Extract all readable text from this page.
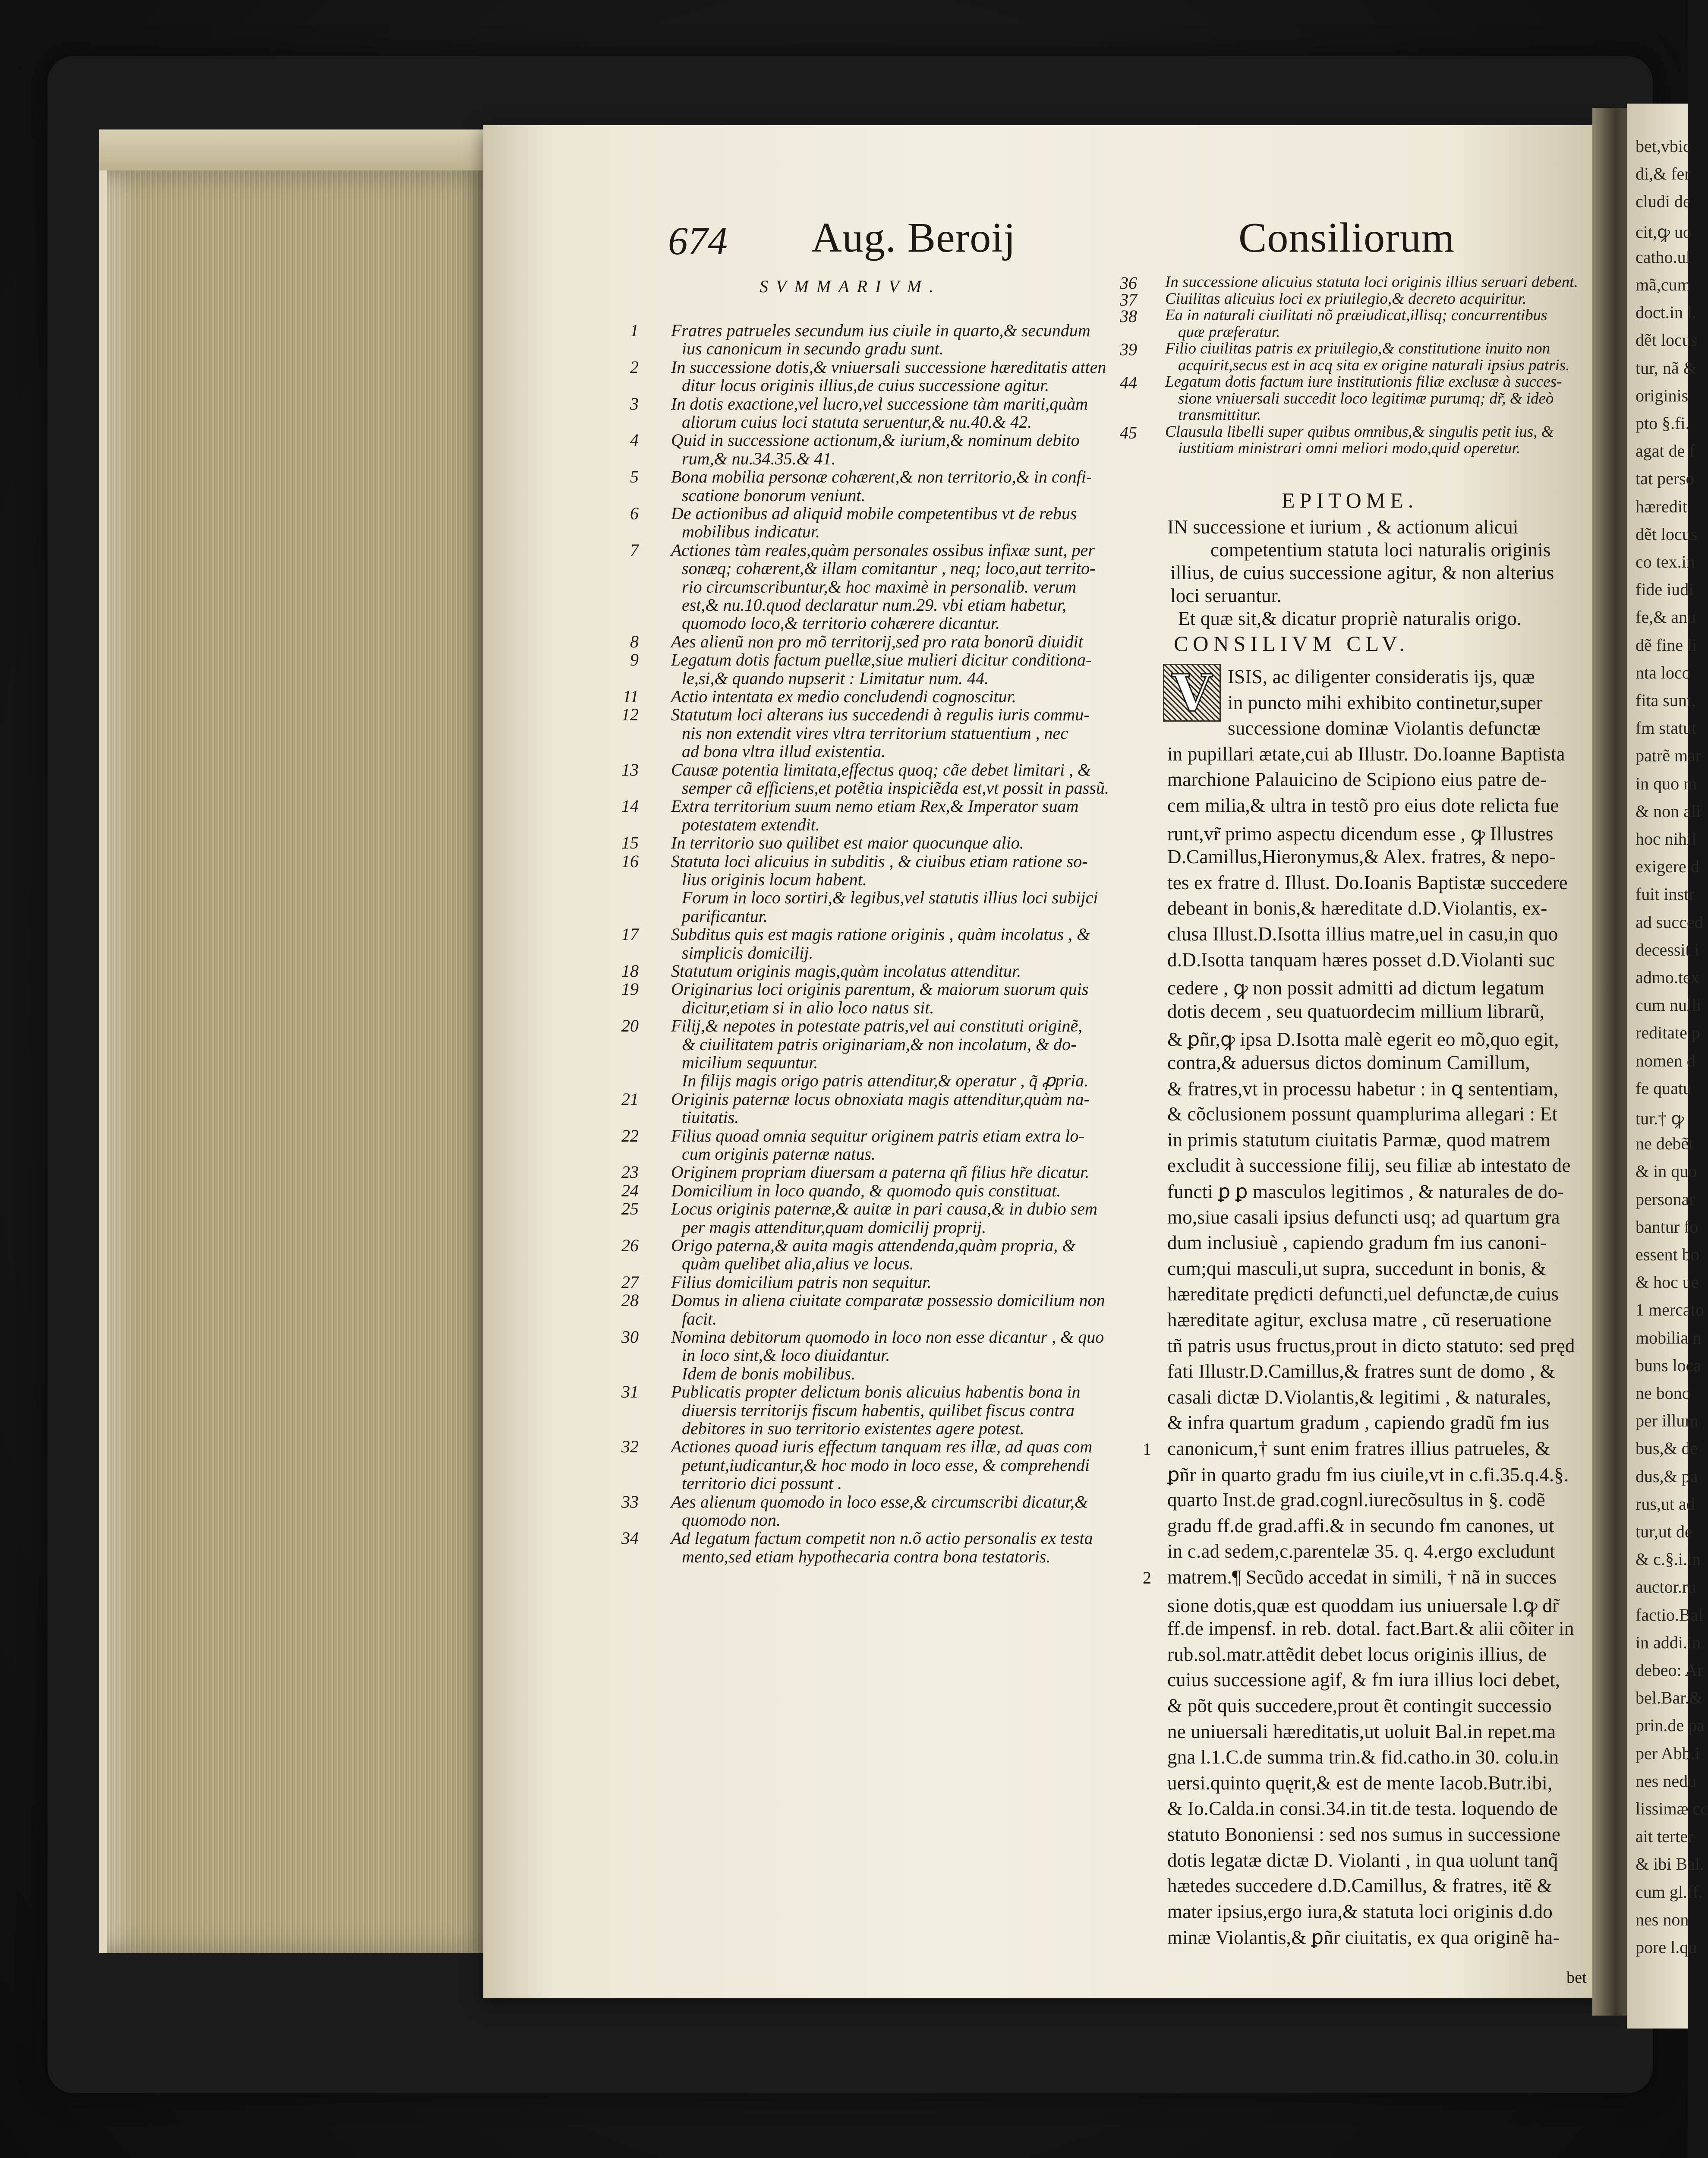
674 Aug. Beroij	Consiliorum
SVMMARIVM.
1 Fratres patrueles secundum ius ciuile in quarto,& secundum
ius canonicum in secundo gradu sunt.
2 In successione dotis,& vniuersali successione hæreditatis atten
ditur locus originis illius,de cuius successione agitur.
3 In dotis exactione,vel lucro,vel successione tàm mariti,quàm
aliorum cuius loci statuta seruentur,& nu.40.& 42.
4 Quid in successione actionum,& iurium,& nominum debito
rum,& nu.34.35.& 41.
5 Bona mobilia personæ cohærent,& non territorio,& in confi-
scatione bonorum veniunt.
6 De actionibus ad aliquid mobile competentibus vt de rebus
mobilibus indicatur.
7 Actiones tàm reales,quàm personales ossibus infixæ sunt, per
sonæq; cohærent,& illam comitantur , neq; loco,aut territo-
rio circumscribuntur,& hoc maximè in personalib. verum
est,& nu.10.quod declaratur num.29. vbi etiam habetur,
quomodo loco,& territorio cohærere dicantur.
8 Aes alienũ non pro mõ territorij,sed pro rata bonorũ diuidit
9 Legatum dotis factum puellæ,siue mulieri dicitur conditiona-
le,si,& quando nupserit : Limitatur num. 44.
11 Actio intentata ex medio concludendi cognoscitur.
12 Statutum loci alterans ius succedendi à regulis iuris commu-
nis non extendit vires vltra territorium statuentium , nec
ad bona vltra illud existentia.
13 Causæ potentia limitata,effectus quoq; cãe debet limitari , &
semper cã efficiens,et potẽtia inspiciẽda est,vt possit in passũ.
14 Extra territorium suum nemo etiam Rex,& Imperator suam
potestatem extendit.
15 In territorio suo quilibet est maior quocunque alio.
16 Statuta loci alicuius in subditis , & ciuibus etiam ratione so-
lius originis locum habent.
Forum in loco sortiri,& legibus,vel statutis illius loci subijci
parificantur.
17 Subditus quis est magis ratione originis , quàm incolatus , &
simplicis domicilij.
18 Statutum originis magis,quàm incolatus attenditur.
19 Originarius loci originis parentum, & maiorum suorum quis
dicitur,etiam si in alio loco natus sit.
20 Filij,& nepotes in potestate patris,vel aui constituti originẽ,
& ciuilitatem patris originariam,& non incolatum, & do-
micilium sequuntur.
In filijs magis origo patris attenditur,& operatur , q̃ ꝓpria.
21 Originis paternæ locus obnoxiata magis attenditur,quàm na-
tiuitatis.
22 Filius quoad omnia sequitur originem patris etiam extra lo-
cum originis paternæ natus.
23 Originem propriam diuersam a paterna qñ filius hr̃e dicatur.
24 Domicilium in loco quando, & quomodo quis constituat.
25 Locus originis paternæ,& auitæ in pari causa,& in dubio sem
per magis attenditur,quam domicilij proprij.
26 Origo paterna,& auita magis attendenda,quàm propria, &
quàm quelibet alia,alius ve locus.
27 Filius domicilium patris non sequitur.
28 Domus in aliena ciuitate comparatæ possessio domicilium non
facit.
30 Nomina debitorum quomodo in loco non esse dicantur , & quo
in loco sint,& loco diuidantur.
Idem de bonis mobilibus.
31 Publicatis propter delictum bonis alicuius habentis bona in
diuersis territorijs fiscum habentis, quilibet fiscus contra
debitores in suo territorio existentes agere potest.
32 Actiones quoad iuris effectum tanquam res illæ, ad quas com
petunt,iudicantur,& hoc modo in loco esse, & comprehendi
territorio dici possunt .
33 Aes alienum quomodo in loco esse,& circumscribi dicatur,&
quomodo non.
34 Ad legatum factum competit non n.õ actio personalis ex testa
mento,sed etiam hypothecaria contra bona testatoris.
36 In successione alicuius statuta loci originis illius seruari debent.
37 Ciuilitas alicuius loci ex priuilegio,& decreto acquiritur.
38 Ea in naturali ciuilitati nõ præiudicat,illisq; concurrentibus
quæ præferatur.
39 Filio ciuilitas patris ex priuilegio,& constitutione inuito non
acquirit,secus est in acq sita ex origine naturali ipsius patris.
44 Legatum dotis factum iure institutionis filiæ exclusæ à succes-
sione vniuersali succedit loco legitimæ purumq; dr̃, & ideò
transmittitur.
45 Clausula libelli super quibus omnibus,& singulis petit ius, &
iustitiam ministrari omni meliori modo,quid operetur.
EPITOME.
IN successione et iurium , & actionum alicui
competentium statuta loci naturalis originis
illius, de cuius successione agitur, & non alterius
loci seruantur.
Et quæ sit,& dicatur propriè naturalis origo.
CONSILIVM CLV.
V ISIS, ac diligenter consideratis ijs, quæ
in puncto mihi exhibito continetur,super
successione dominæ Violantis defunctæ
in pupillari ætate,cui ab Illustr. Do.Ioanne Baptista
marchione Palauicino de Scipiono eius patre de-
cem milia,& ultra in testõ pro eius dote relicta fue
runt,vr̃ primo aspectu dicendum esse , ꝙ Illustres
D.Camillus,Hieronymus,& Alex. fratres, & nepo-
tes ex fratre d. Illust. Do.Ioanis Baptistæ succedere
debeant in bonis,& hæreditate d.D.Violantis, ex-
clusa Illust.D.Isotta illius matre,uel in casu,in quo
d.D.Isotta tanquam hæres posset d.D.Violanti suc
cedere , ꝙ non possit admitti ad dictum legatum
dotis decem , seu quatuordecim millium librarũ,
& ꝑñr,ꝙ ipsa D.Isotta malè egerit eo mõ,quo egit,
contra,& aduersus dictos dominum Camillum,
& fratres,vt in processu habetur : in ꝗ sententiam,
& cõclusionem possunt quamplurima allegari : Et
in primis statutum ciuitatis Parmæ, quod matrem
excludit à successione filij, seu filiæ ab intestato de
functi ꝑ ꝑ masculos legitimos , & naturales de do-
mo,siue casali ipsius defuncti usq; ad quartum gra
dum inclusiuè , capiendo gradum fm ius canoni-
cum;qui masculi,ut supra, succedunt in bonis, &
hæreditate prędicti defuncti,uel defunctæ,de cuius
hæreditate agitur, exclusa matre , cũ reseruatione
tñ patris usus fructus,prout in dicto statuto: sed pręd
fati Illustr.D.Camillus,& fratres sunt de domo , &
casali dictæ D.Violantis,& legitimi , & naturales,
& infra quartum gradum , capiendo gradũ fm ius
canonicum,† sunt enim fratres illius patrueles, &
ꝑñr in quarto gradu fm ius ciuile,vt in c.fi.35.q.4.§.
quarto Inst.de grad.cognl.iurecõsultus in §. codẽ
gradu ff.de grad.affi.& in secundo fm canones, ut
in c.ad sedem,c.parentelæ 35. q. 4.ergo excludunt
matrem.¶ Secũdo accedat in simili, † nã in succes
sione dotis,quæ est quoddam ius uniuersale l.ꝙ dr̃
ff.de impensf. in reb. dotal. fact.Bart.& alii cõiter in
rub.sol.matr.attẽdit debet locus originis illius, de
cuius successione agif, & fm iura illius loci debet,
& põt quis succedere,prout ẽt contingit successio
ne uniuersali hæreditatis,ut uoluit Bal.in repet.ma
gna l.1.C.de summa trin.& fid.catho.in 30. colu.in
uersi.quinto quęrit,& est de mente Iacob.Butr.ibi,
& Io.Calda.in consi.34.in tit.de testa. loquendo de
statuto Bononiensi : sed nos sumus in successione
dotis legatæ dictæ D. Violanti , in qua uolunt tanq̃
hætedes succedere d.D.Camillus, & fratres, itẽ &
mater ipsius,ergo iura,& statuta loci originis d.do
minæ Violantis,& ꝑñr ciuitatis, ex qua originẽ ha-
1
2
bet
bet,vbic
di,& fer
cludi de
cit,ꝙ uo
catho.ul
mã,cum
doct.in l.
dẽt locus
tur, nã &
originis
pto §.fi.
agat de f
tat perso
hæredit
dẽt locus
co tex.in
fide iudi
fe,& anu
dẽ fine li
nta loco
fita sunt,
fm statut
patrẽ mar
in quo m
& non ali
hoc nihil
exigere d
fuit instr
ad succed
decessit i
admo.tex
cum nulli
reditate p
nomen d
fe quatu
tur.† ꝙ
ne debẽt
& in quo
personar
bantur fo
essent bo
& hoc ue
1 mercato
mobilia n
buns loca
ne bono
per illum
bus,& de
dus,& pa
rus,ut ad
tur,ut de
& c.§.i.in
auctor.ru
factio.Bal
in addi.in
debeo: Ar
bel.Bar.&
prin.de pa
per Abb.i
nes nedu
lissimæ cc
ait terter
& ibi Bal.
cum gl.ff.
nes non
pore l.qu
